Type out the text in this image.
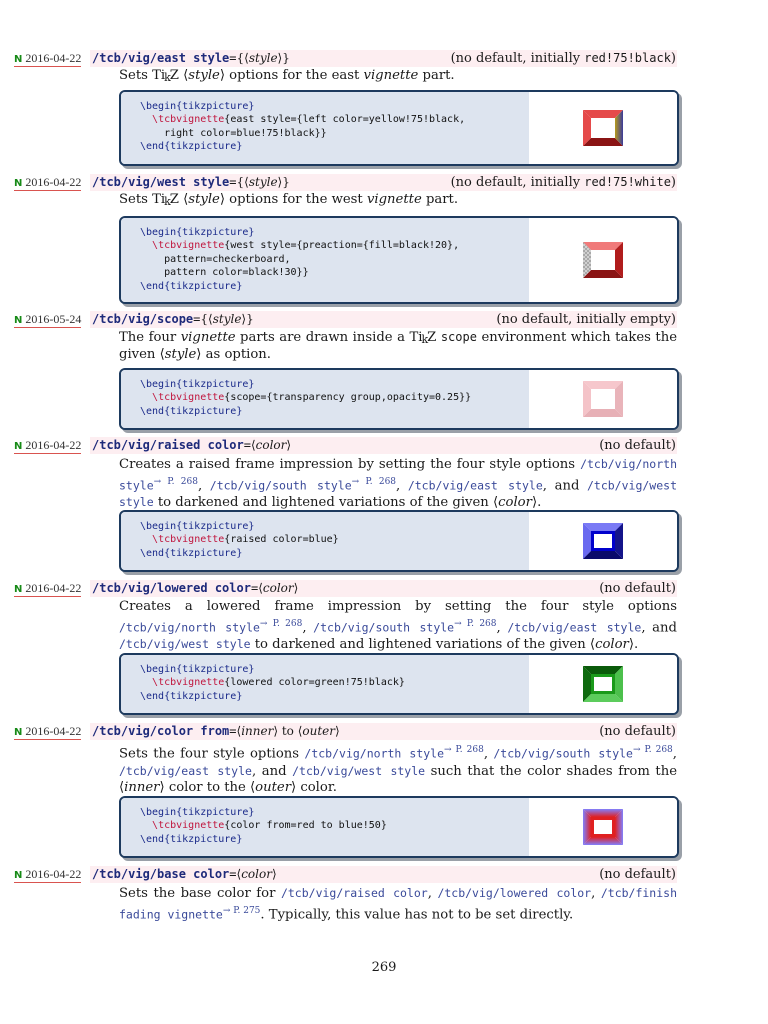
N 2016-04-22 /tcb/vig/east style={⟨style⟩}	(no default, initially red!75!black)
Sets TikZ ⟨style⟩ options for the east vignette part.
\begin{tikzpicture}
\tcbvignette{east style={left color=yellow!75!black,
right color=blue!75!black}}
\end{tikzpicture}
N 2016-04-22 /tcb/vig/west style={⟨style⟩}	(no default, initially red!75!white)
Sets TikZ ⟨style⟩ options for the west vignette part.
\begin{tikzpicture}
\tcbvignette{west style={preaction={fill=black!20},
pattern=checkerboard,
pattern color=black!30}}
\end{tikzpicture}
N 2016-05-24 /tcb/vig/scope={⟨style⟩}	(no default, initially empty)
The four vignette parts are drawn inside a TikZ scope environment which takes the given ⟨style⟩ as option.
\begin{tikzpicture}
\tcbvignette{scope={transparency group,opacity=0.25}}
\end{tikzpicture}
N 2016-04-22 /tcb/vig/raised color=⟨color⟩	(no default)
Creates a raised frame impression by setting the four style options /tcb/vig/north style$^{\to P. 268}$, /tcb/vig/south style$^{\to P. 268}$, /tcb/vig/east style, and /tcb/vig/west style to darkened and lightened variations of the given ⟨color⟩.
\begin{tikzpicture}
\tcbvignette{raised color=blue}
\end{tikzpicture}
N 2016-04-22 /tcb/vig/lowered color=⟨color⟩	(no default)
Creates a lowered frame impression by setting the four style options /tcb/vig/north style$^{\to P. 268}$, /tcb/vig/south style$^{\to P. 268}$, /tcb/vig/east style, and /tcb/vig/west style to darkened and lightened variations of the given ⟨color⟩.
\begin{tikzpicture}
\tcbvignette{lowered color=green!75!black}
\end{tikzpicture}
N 2016-04-22 /tcb/vig/color from=⟨inner⟩ to ⟨outer⟩	(no default)
Sets the four style options /tcb/vig/north style$^{\to P. 268}$, /tcb/vig/south style$^{\to P. 268}$, /tcb/vig/east style, and /tcb/vig/west style such that the color shades from the ⟨inner⟩ color to the ⟨outer⟩ color.
\begin{tikzpicture}
\tcbvignette{color from=red to blue!50}
\end{tikzpicture}
N 2016-04-22 /tcb/vig/base color=⟨color⟩	(no default)
Sets the base color for /tcb/vig/raised color, /tcb/vig/lowered color, /tcb/finish fading vignette$^{\to P. 275}$. Typically, this value has not to be set directly.
269
